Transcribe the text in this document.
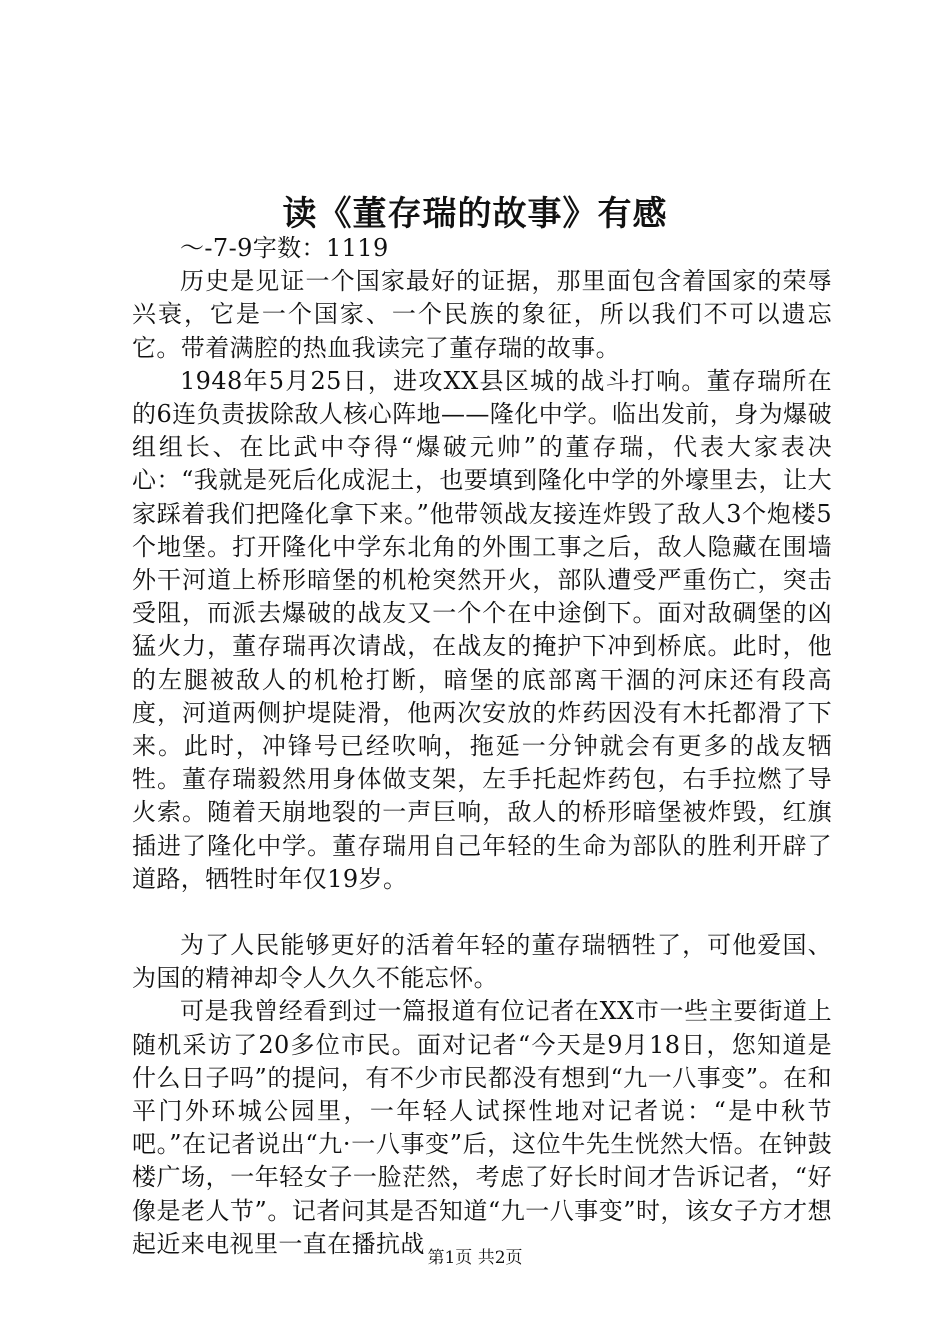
读《董存瑞的故事》有感

～-7-9字数：1119

历史是见证一个国家最好的证据，那里面包含着国家的荣辱兴衰，它是一个国家、一个民族的象征，所以我们不可以遗忘它。带着满腔的热血我读完了董存瑞的故事。

1948年5月25日，进攻XX县区城的战斗打响。董存瑞所在的6连负责拔除敌人核心阵地——隆化中学。临出发前，身为爆破组组长、在比武中夺得“爆破元帅”的董存瑞，代表大家表决心：“我就是死后化成泥土，也要填到隆化中学的外壕里去，让大家踩着我们把隆化拿下来。”他带领战友接连炸毁了敌人3个炮楼5个地堡。打开隆化中学东北角的外围工事之后，敌人隐藏在围墙外干河道上桥形暗堡的机枪突然开火，部队遭受严重伤亡，突击受阻，而派去爆破的战友又一个个在中途倒下。面对敌碉堡的凶猛火力，董存瑞再次请战，在战友的掩护下冲到桥底。此时，他的左腿被敌人的机枪打断，暗堡的底部离干涸的河床还有段高度，河道两侧护堤陡滑，他两次安放的炸药因没有木托都滑了下来。此时，冲锋号已经吹响，拖延一分钟就会有更多的战友牺牲。董存瑞毅然用身体做支架，左手托起炸药包，右手拉燃了导火索。随着天崩地裂的一声巨响，敌人的桥形暗堡被炸毁，红旗插进了隆化中学。董存瑞用自己年轻的生命为部队的胜利开辟了道路，牺牲时年仅19岁。

为了人民能够更好的活着年轻的董存瑞牺牲了，可他爱国、为国的精神却令人久久不能忘怀。

可是我曾经看到过一篇报道有位记者在XX市一些主要街道上随机采访了20多位市民。面对记者“今天是9月18日，您知道是什么日子吗”的提问，有不少市民都没有想到“九一八事变”。在和平门外环城公园里，一年轻人试探性地对记者说：“是中秋节吧。”在记者说出“九·一八事变”后，这位牛先生恍然大悟。在钟鼓楼广场，一年轻女子一脸茫然，考虑了好长时间才告诉记者，“好像是老人节”。记者问其是否知道“九一八事变”时，该女子方才想起近来电视里一直在播抗战

第1页 共2页
